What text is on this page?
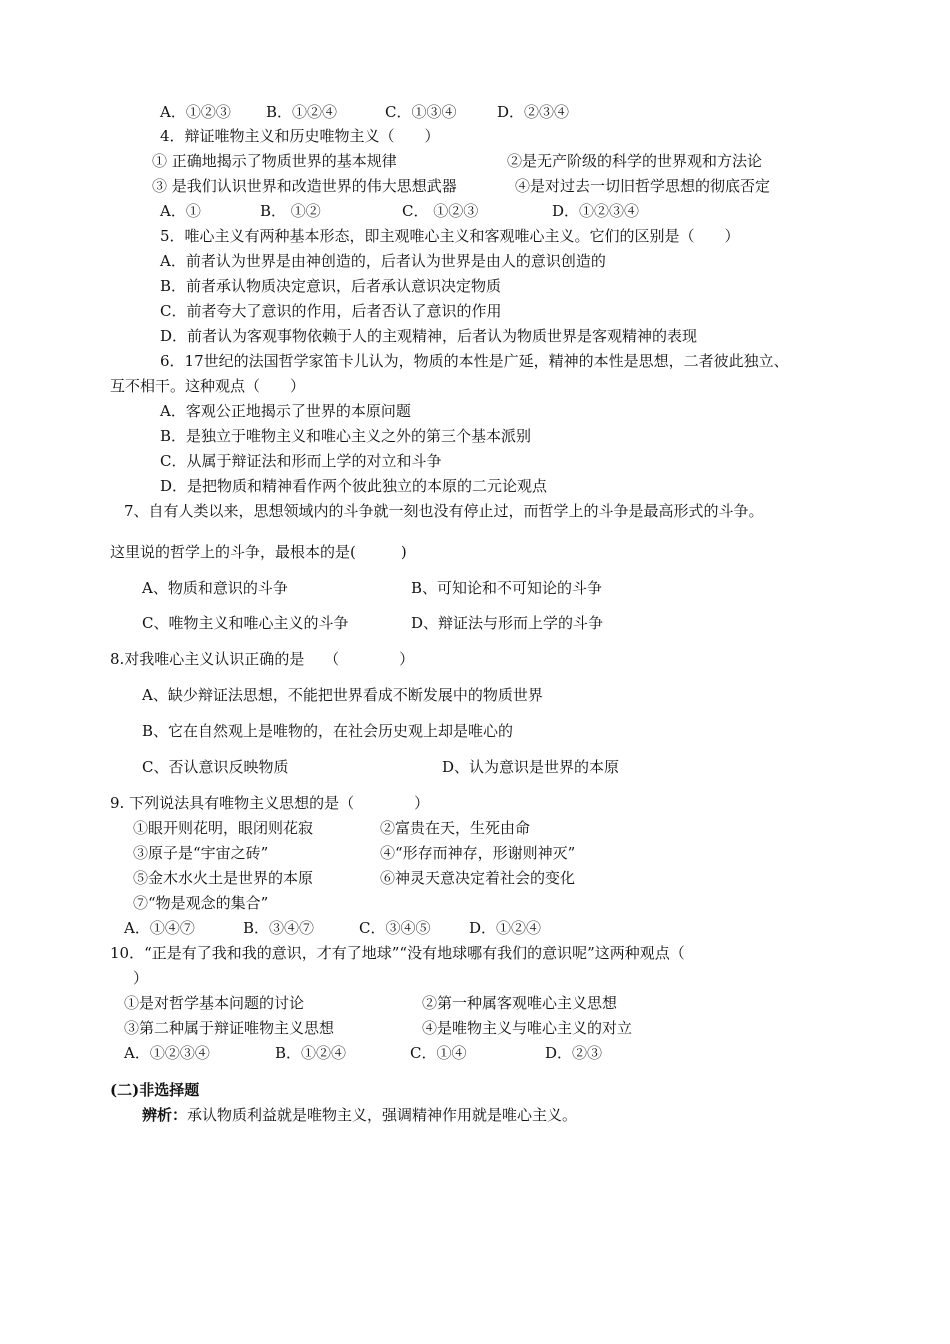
A．①②③ B．①②④	C．①③④	D．②③④
4．辩证唯物主义和历史唯物主义（　　）
① 正确地揭示了物质世界的基本规律	②是无产阶级的科学的世界观和方法论
③ 是我们认识世界和改造世界的伟大思想武器	④是对过去一切旧哲学思想的彻底否定
A．①	B． ①②	C． ①②③	D．①②③④
5．唯心主义有两种基本形态，即主观唯心主义和客观唯心主义。它们的区别是（　　）
A．前者认为世界是由神创造的，后者认为世界是由人的意识创造的
B．前者承认物质决定意识，后者承认意识决定物质
C．前者夸大了意识的作用，后者否认了意识的作用
D．前者认为客观事物依赖于人的主观精神，后者认为物质世界是客观精神的表现
6．17世纪的法国哲学家笛卡儿认为，物质的本性是广延，精神的本性是思想，二者彼此独立、
互不相干。这种观点（　　）
A．客观公正地揭示了世界的本原问题
B．是独立于唯物主义和唯心主义之外的第三个基本派别
C．从属于辩证法和形而上学的对立和斗争
D．是把物质和精神看作两个彼此独立的本原的二元论观点
7、自有人类以来，思想领域内的斗争就一刻也没有停止过，而哲学上的斗争是最高形式的斗争。
这里说的哲学上的斗争，最根本的是(　　　)
A、物质和意识的斗争	B、可知论和不可知论的斗争
C、唯物主义和唯心主义的斗争	D、辩证法与形而上学的斗争
8.对我唯心主义认识正确的是　 （　　　　）
A、缺少辩证法思想，不能把世界看成不断发展中的物质世界
B、它在自然观上是唯物的，在社会历史观上却是唯心的
C、否认意识反映物质	D、认为意识是世界的本原
9. 下列说法具有唯物主义思想的是（　　　　）
①眼开则花明，眼闭则花寂	②富贵在天，生死由命
③原子是“宇宙之砖”	④“形存而神存，形谢则神灭”
⑤金木水火土是世界的本原	⑥神灵天意决定着社会的变化
⑦“物是观念的集合”
A．①④⑦	B．③④⑦	C．③④⑤	D．①②④
10．“正是有了我和我的意识，才有了地球”“没有地球哪有我们的意识呢”这两种观点（
）
①是对哲学基本问题的讨论	②第一种属客观唯心主义思想
③第二种属于辩证唯物主义思想	④是唯物主义与唯心主义的对立
A．①②③④	B．①②④	C．①④	D．②③
(二)非选择题
辨析：承认物质利益就是唯物主义，强调精神作用就是唯心主义。
